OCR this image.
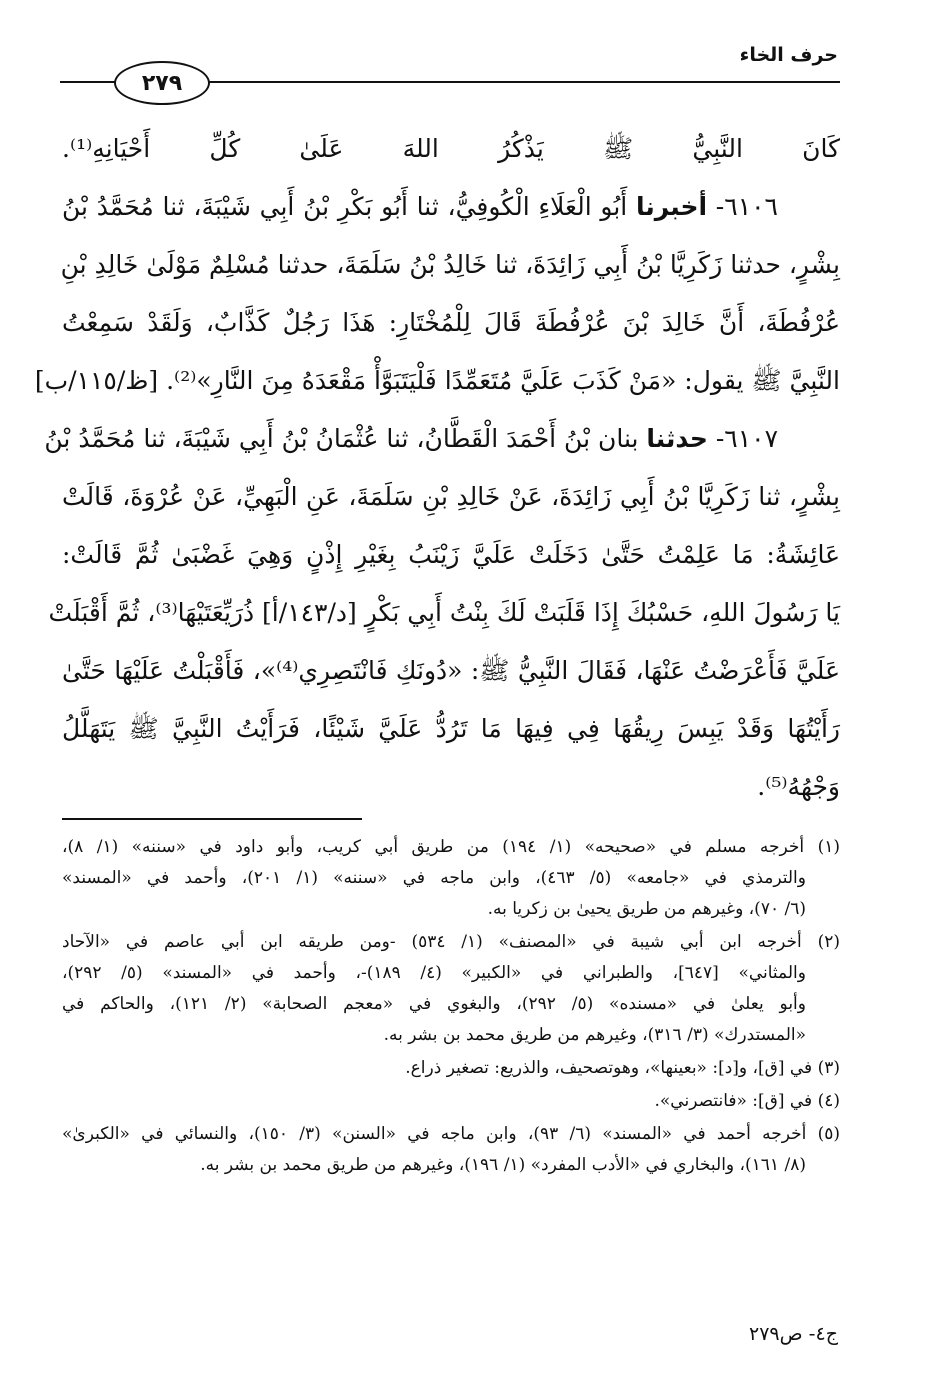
حرف الخاء
٢٧٩
كَانَ النَّبِيُّ ﷺ يَذْكُرُ اللهَ عَلَىٰ كُلِّ أَحْيَانِهِ⁽¹⁾.
٦١٠٦- أخبرنا أَبُو الْعَلَاءِ الْكُوفِيُّ، ثنا أَبُو بَكْرِ بْنُ أَبِي شَيْبَةَ، ثنا مُحَمَّدُ بْنُ
بِشْرٍ، حدثنا زَكَرِيَّا بْنُ أَبِي زَائِدَةَ، ثنا خَالِدُ بْنُ سَلَمَةَ، حدثنا مُسْلِمٌ مَوْلَىٰ خَالِدِ بْنِ
عُرْفُطَةَ، أَنَّ خَالِدَ بْنَ عُرْفُطَةَ قَالَ لِلْمُخْتَارِ: هَذَا رَجُلٌ كَذَّابٌ، وَلَقَدْ سَمِعْتُ
النَّبِيَّ ﷺ يقول: «مَنْ كَذَبَ عَلَيَّ مُتَعَمِّدًا فَلْيَتَبَوَّأْ مَقْعَدَهُ مِنَ النَّارِ»⁽²⁾. [ظ/١١٥/ب]
٦١٠٧- حدثنا بنان بْنُ أَحْمَدَ الْقَطَّانُ، ثنا عُثْمَانُ بْنُ أَبِي شَيْبَةَ، ثنا مُحَمَّدُ بْنُ
بِشْرٍ، ثنا زَكَرِيَّا بْنُ أَبِي زَائِدَةَ، عَنْ خَالِدِ بْنِ سَلَمَةَ، عَنِ الْبَهِيِّ، عَنْ عُرْوَةَ، قَالَتْ
عَائِشَةُ: مَا عَلِمْتُ حَتَّىٰ دَخَلَتْ عَلَيَّ زَيْنَبُ بِغَيْرِ إِذْنٍ وَهِيَ غَضْبَىٰ ثُمَّ قَالَتْ:
يَا رَسُولَ اللهِ، حَسْبُكَ إِذَا قَلَبَتْ لَكَ بِنْتُ أَبِي بَكْرٍ [د/١٤٣/أ] ذُرَيِّعَتَيْهَا⁽³⁾، ثُمَّ أَقْبَلَتْ
عَلَيَّ فَأَعْرَضْتُ عَنْهَا، فَقَالَ النَّبِيُّ ﷺ: «دُونَكِ فَانْتَصِرِي⁽⁴⁾»، فَأَقْبَلْتُ عَلَيْهَا حَتَّىٰ
رَأَيْتُهَا وَقَدْ يَبِسَ رِيقُهَا فِي فِيهَا مَا تَرُدُّ عَلَيَّ شَيْئًا، فَرَأَيْتُ النَّبِيَّ ﷺ يَتَهَلَّلُ
وَجْهُهُ⁽⁵⁾.
(١) أخرجه مسلم في «صحيحه» (١/ ١٩٤) من طريق أبي كريب، وأبو داود في «سننه» (١/ ٨)،
والترمذي في «جامعه» (٥/ ٤٦٣)، وابن ماجه في «سننه» (١/ ٢٠١)، وأحمد في «المسند»
(٦/ ٧٠)، وغيرهم من طريق يحيىٰ بن زكريا به.
(٢) أخرجه ابن أبي شيبة في «المصنف» (١/ ٥٣٤) -ومن طريقه ابن أبي عاصم في «الآحاد
والمثاني» [٦٤٧]، والطبراني في «الكبير» (٤/ ١٨٩)-، وأحمد في «المسند» (٥/ ٢٩٢)،
وأبو يعلىٰ في «مسنده» (٥/ ٢٩٢)، والبغوي في «معجم الصحابة» (٢/ ١٢١)، والحاكم في
«المستدرك» (٣/ ٣١٦)، وغيرهم من طريق محمد بن بشر به.
(٣) في [ق]، و[د]: «بعينها»، وهوتصحيف، والذريع: تصغير ذراع.
(٤) في [ق]: «فانتصرني».
(٥) أخرجه أحمد في «المسند» (٦/ ٩٣)، وابن ماجه في «السنن» (٣/ ١٥٠)، والنسائي في «الكبرىٰ»
(٨/ ١٦١)، والبخاري في «الأدب المفرد» (١/ ١٩٦)، وغيرهم من طريق محمد بن بشر به.
ج٤- ص٢٧٩
